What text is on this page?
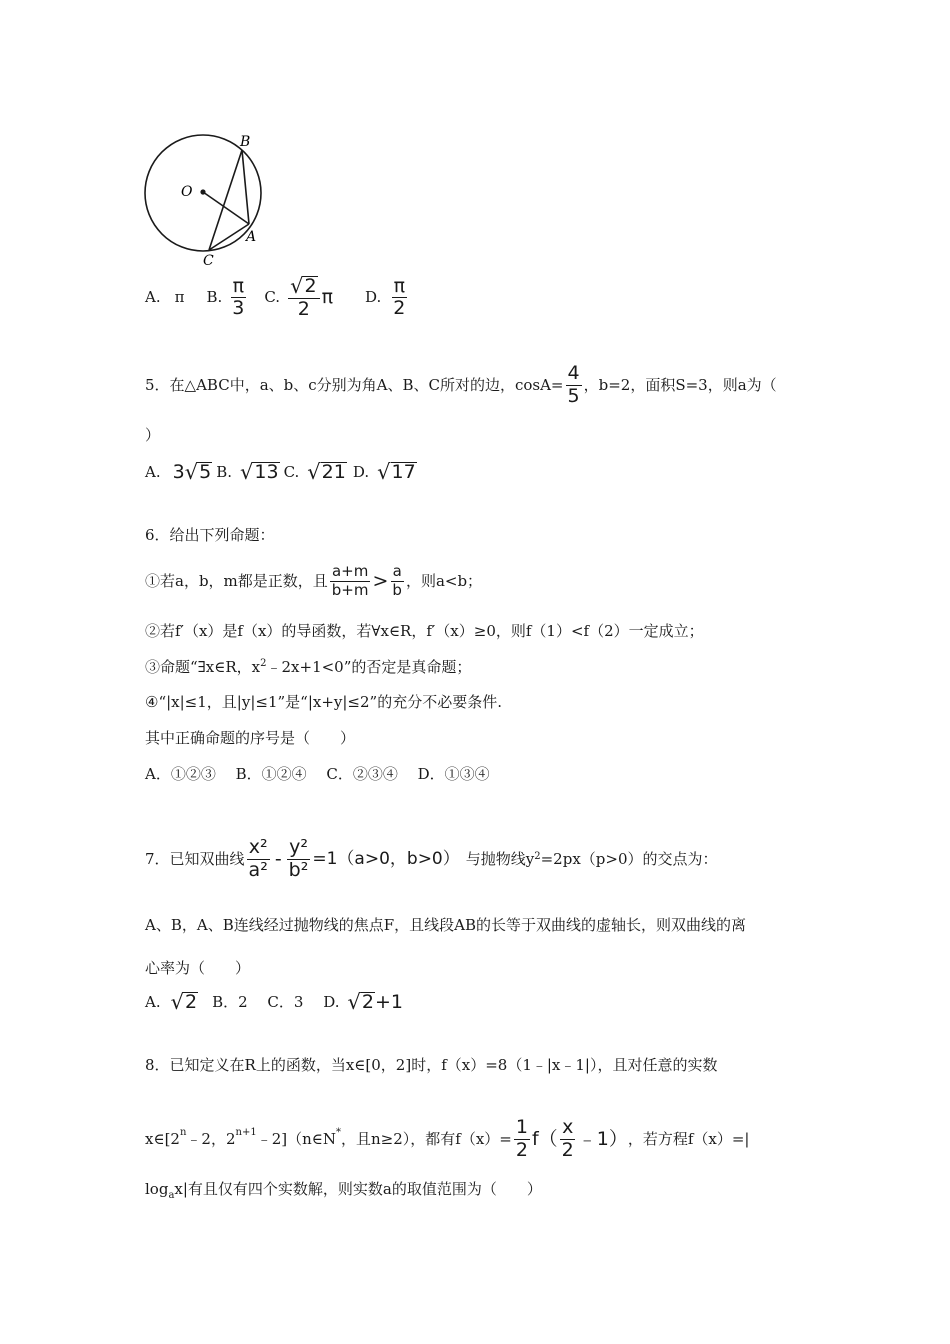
B
O
A
C
A. π B. $\frac{\pi}{3} C$. $\frac{√ 2}{2}$ π D. $\frac{\pi}{2}$
5．在△ABC中，a、b、c分别为角A、B、C所对的边，$\cos A= \frac{4}{5}$ ，b=2，面积S=3，则a为（
）
A. 3 √ 5 B. √ 13 C. √ 21 D. √ 17
6．给出下列命题：
①若a，b，m都是正数，且 $\frac{a+m}{b+m} > \frac{a}{b}$ ，则a<b；
②若f′（x）是f（x）的导函数，若∀x∈R，f′（x）≥0，则f（1）<f（2）一定成立；
③命题“∃x∈R，$x^2﹣2x+1<0$”的否定是真命题；
④“|x|≤1，且|y|≤1”是“|x+y|≤2”的充分不必要条件.
其中正确命题的序号是（　　）
A．①②③　 B．①②④　 C．②③④　 D．①③④
7．已知双曲线 $\frac{\text{x²}}{\text{a²}} - \frac{\text{y²}}{\text{b²}} =1(a>0$，b>0） 与抛物线y 2 =2px（p>0）的交点为：
A、B，A、B连线经过抛物线的焦点F，且线段AB的长等于双曲线的虚轴长，则双曲线的离
心率为（　　）
A. √ 2 B．2　 C．3　 D. √ 2 +1
8．已知定义在R上的函数，当x∈[0，2]时，f（x）=8（1﹣|x﹣1|），且对任意的实数
x∈[2 n ﹣2，2 n+1 ﹣2]（n∈N * ，且n≥2），都有$f(x)= \frac{1}{2} f( \frac{x}{2}$ ﹣1） ，若方程f（x）=|
$\log_ax|$有且仅有四个实数解，则实数a的取值范围为（　　）
